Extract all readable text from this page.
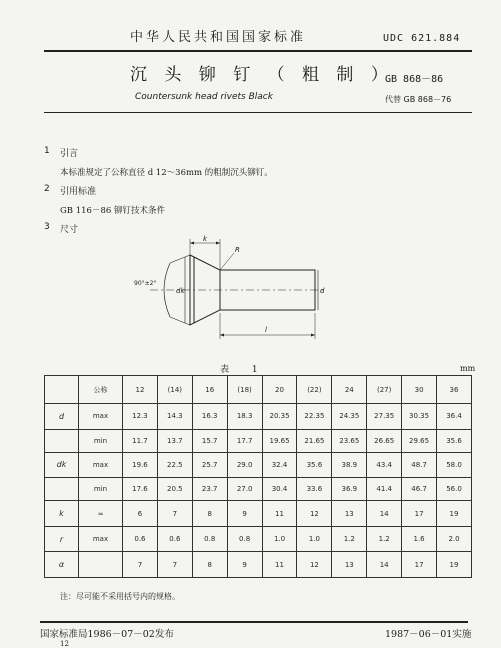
中华人民共和国国家标准	UDC 621.884
沉 头 铆 钉 （ 粗 制 ）
GB 868－86
Countersunk head rivets Black	代替 GB 868－76
1 引言
本标准规定了公称直径 d 12～36mm 的粗制沉头铆钉。
2 引用标准
GB 116－86 铆钉技术条件
3 尺寸
90°±2°
dk	d
k
l
R
表 1	mm
	公称	12	(14)	16	(18)	20	(22)	24	(27)	30	36
d	max	12.3	14.3	16.3	18.3	20.35	22.35	24.35	27.35	30.35	36.4
	min	11.7	13.7	15.7	17.7	19.65	21.65	23.65	26.65	29.65	35.6
dk	max	19.6	22.5	25.7	29.0	32.4	35.6	38.9	43.4	48.7	58.0
	min	17.6	20.5	23.7	27.0	30.4	33.6	36.9	41.4	46.7	56.0
k	≈	6	7	8	9	11	12	13	14	17	19
r	max	0.6	0.6	0.8	0.8	1.0	1.0	1.2	1.2	1.6	2.0
α		7	7	8	9	11	12	13	14	17	19
注：尽可能不采用括号内的规格。
国家标准局1986－07－02发布	1987－06－01实施
12
